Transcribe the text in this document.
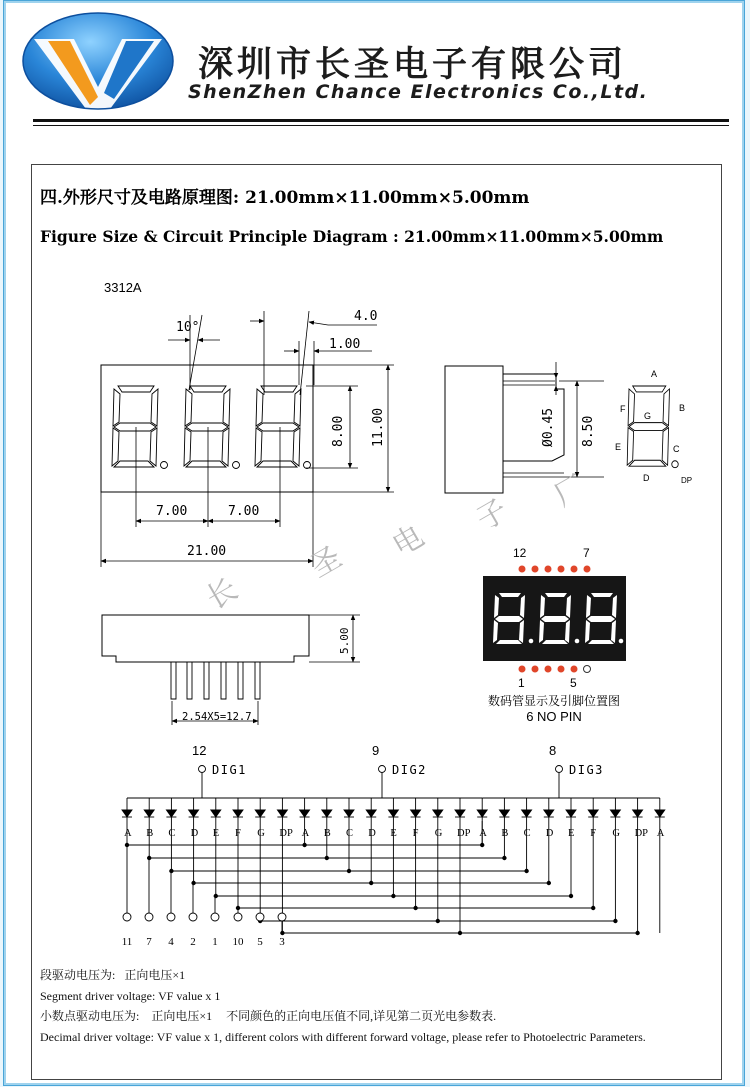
深圳市长圣电子有限公司
ShenZhen Chance Electronics Co.,Ltd.
四.外形尺寸及电路原理图: 21.00mm×11.00mm×5.00mm
Figure Size & Circuit Principle Diagram : 21.00mm×11.00mm×5.00mm
3312A
10°
4.0
1.00
8.00 11.00
7.00	7.00
21.00
Ø0.45 8.50
A
B
C
D
E
F
G
DP
长
圣 电
子
厂
2.54X5=12.7
5.00
12	7
1	5
数码管显示及引脚位置图
6 NO PIN
12
DIG1
9
DIG2
8
DIG3
A B C D E F G DP A B C D E F G DP A B C D E F G DP A
11 7 4 2 1 10 5 3
段驱动电压为: 正向电压×1
Segment driver voltage: VF value x 1
小数点驱动电压为: 正向电压×1 不同颜色的正向电压值不同,详见第二页光电参数表.
Decimal driver voltage: VF value x 1, different colors with different forward voltage, please refer to Photoelectric Parameters.
